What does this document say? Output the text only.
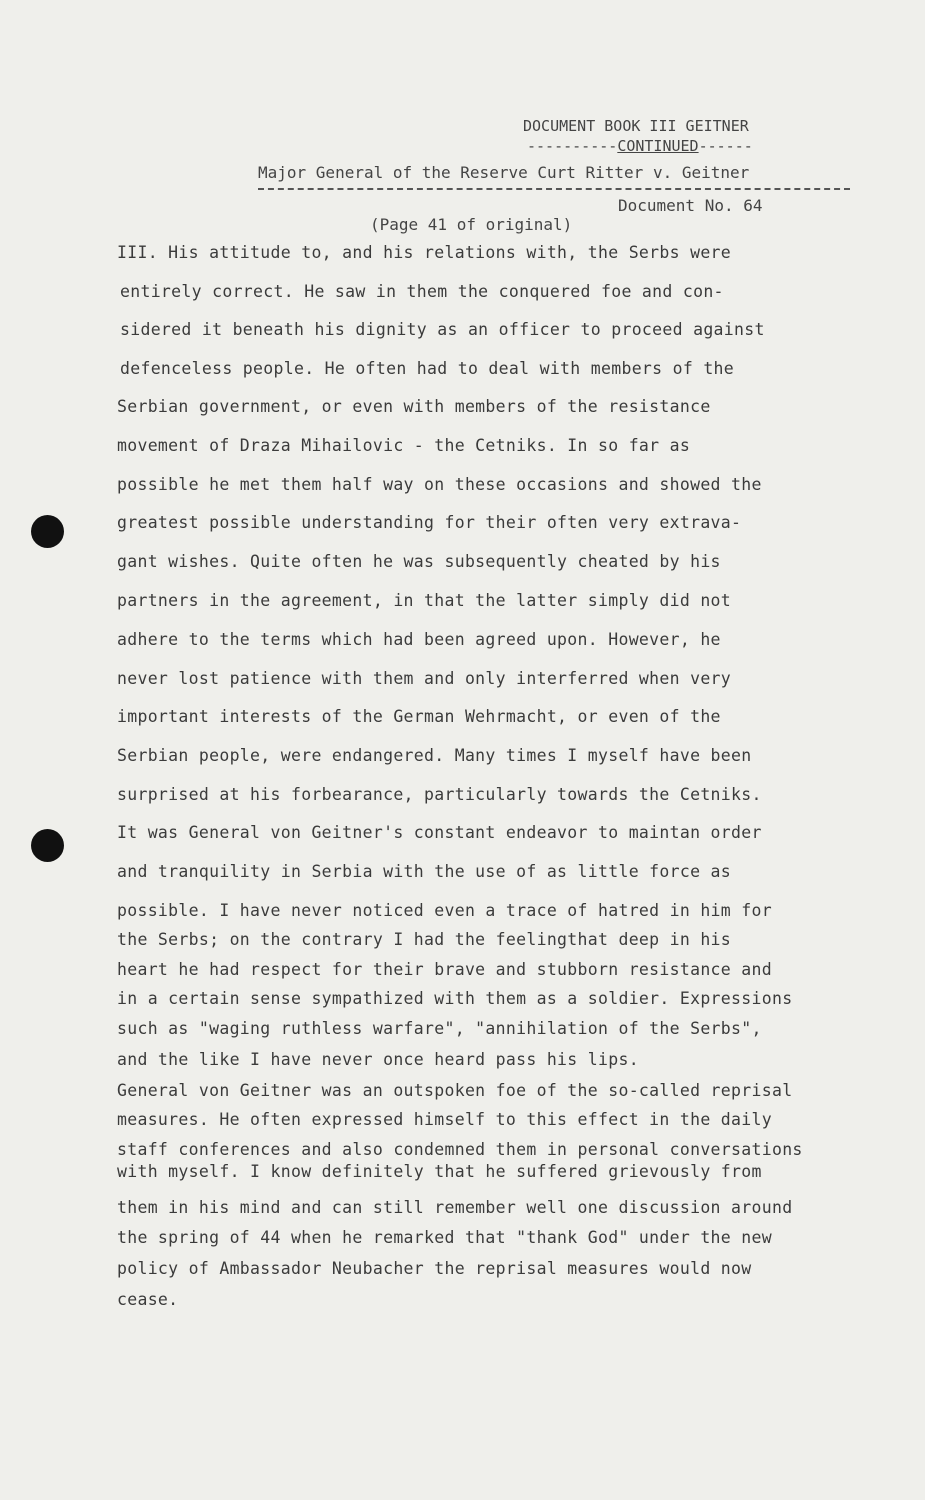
DOCUMENT BOOK III GEITNER
----------CONTINUED------
Major General of the Reserve Curt Ritter v. Geitner
Document No. 64
(Page 41 of original)
III. His attitude to, and his relations with, the Serbs were
entirely correct. He saw in them the conquered foe and con-
sidered it beneath his dignity as an officer to proceed against
defenceless people. He often had to deal with members of the
Serbian government, or even with members of the resistance
movement of Draza Mihailovic - the Cetniks. In so far as
possible he met them half way on these occasions and showed the
greatest possible understanding for their often very extrava-
gant wishes. Quite often he was subsequently cheated by his
partners in the agreement, in that the latter simply did not
adhere to the terms which had been agreed upon. However, he
never lost patience with them and only interferred when very
important interests of the German Wehrmacht, or even of the
Serbian people, were endangered. Many times I myself have been
surprised at his forbearance, particularly towards the Cetniks.
It was General von Geitner's constant endeavor to maintan order
and tranquility in Serbia with the use of as little force as
possible. I have never noticed even a trace of hatred in him for
the Serbs; on the contrary I had the feelingthat deep in his
heart he had respect for their brave and stubborn resistance and
in a certain sense sympathized with them as a soldier. Expressions
such as "waging ruthless warfare", "annihilation of the Serbs",
and the like I have never once heard pass his lips.
General von Geitner was an outspoken foe of the so-called reprisal
measures. He often expressed himself to this effect in the daily
staff conferences and also condemned them in personal conversations
with myself. I know definitely that he suffered grievously from
them in his mind and can still remember well one discussion around
the spring of 44 when he remarked that "thank God" under the new
policy of Ambassador Neubacher the reprisal measures would now
cease.
